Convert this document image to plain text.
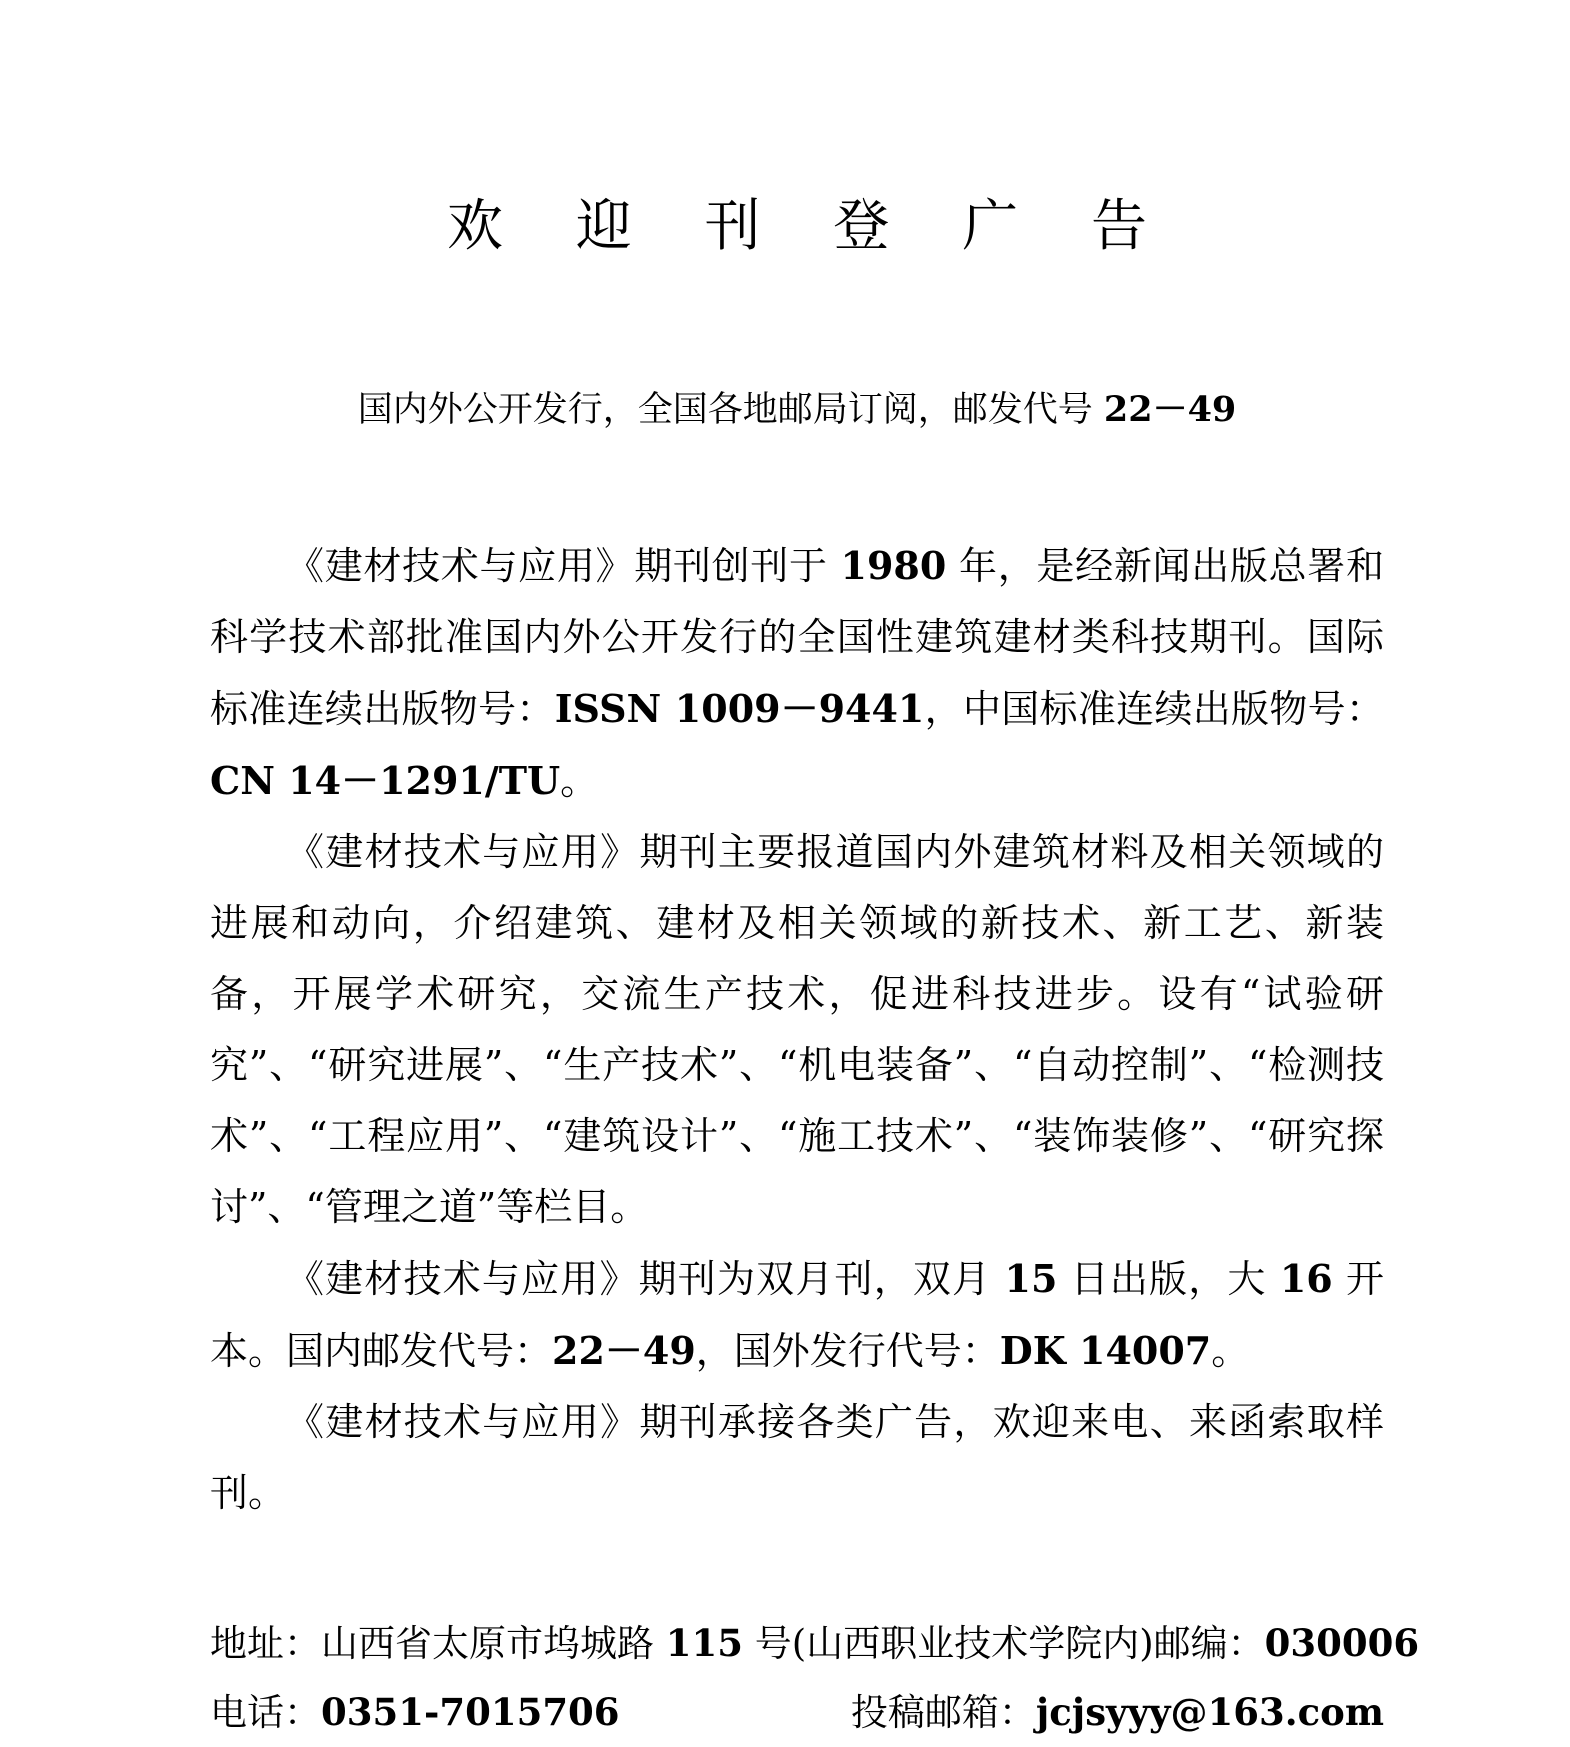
欢迎刊登广告
国内外公开发行，全国各地邮局订阅，邮发代号 22－49

《建材技术与应用》期刊创刊于 1980 年，是经新闻出版总署和科学技术部批准国内外公开发行的全国性建筑建材类科技期刊。国际标准连续出版物号：ISSN 1009－9441，中国标准连续出版物号：CN 14－1291/TU。

《建材技术与应用》期刊主要报道国内外建筑材料及相关领域的进展和动向，介绍建筑、建材及相关领域的新技术、新工艺、新装备，开展学术研究，交流生产技术，促进科技进步。设有“试验研究”、“研究进展”、“生产技术”、“机电装备”、“自动控制”、“检测技术”、“工程应用”、“建筑设计”、“施工技术”、“装饰装修”、“研究探讨”、“管理之道”等栏目。

《建材技术与应用》期刊为双月刊，双月 15 日出版，大 16 开本。国内邮发代号：22－49，国外发行代号：DK 14007。

《建材技术与应用》期刊承接各类广告，欢迎来电、来函索取样刊。

地址：山西省太原市坞城路 115 号(山西职业技术学院内) 邮编：030006
电话：0351-7015706	投稿邮箱：jcjsyyy@163.com
